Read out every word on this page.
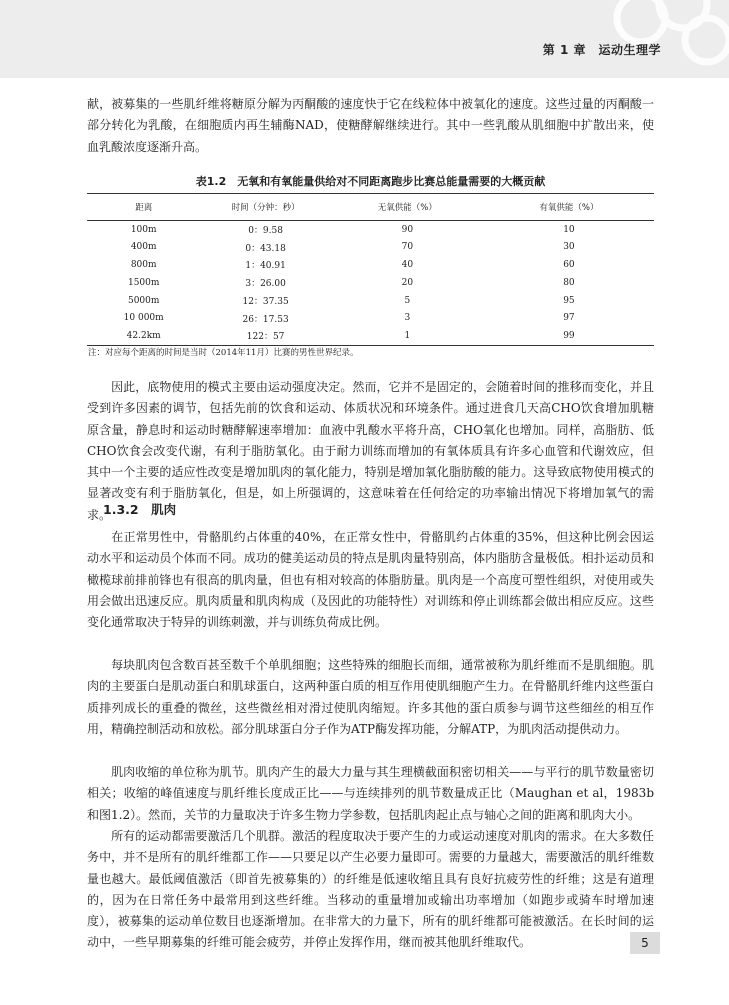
第 1 章　运动生理学

献，被募集的一些肌纤维将糖原分解为丙酮酸的速度快于它在线粒体中被氧化的速度。这些过量的丙酮酸一部分转化为乳酸，在细胞质内再生辅酶NAD，使糖酵解继续进行。其中一些乳酸从肌细胞中扩散出来，使血乳酸浓度逐渐升高。

表1.2　无氧和有氧能量供给对不同距离跑步比赛总能量需要的大概贡献
距离	时间（分钟：秒）	无氧供能（%）	有氧供能（%）
100m	0：9.58	90	10
400m	0：43.18	70	30
800m	1：40.91	40	60
1500m	3：26.00	20	80
5000m	12：37.35	5	95
10 000m	26：17.53	3	97
42.2km	122：57	1	99
注：对应每个距离的时间是当时（2014年11月）比赛的男性世界纪录。

因此，底物使用的模式主要由运动强度决定。然而，它并不是固定的，会随着时间的推移而变化，并且受到许多因素的调节，包括先前的饮食和运动、体质状况和环境条件。通过进食几天高CHO饮食增加肌糖原含量，静息时和运动时糖酵解速率增加：血液中乳酸水平将升高，CHO氧化也增加。同样，高脂肪、低CHO饮食会改变代谢，有利于脂肪氧化。由于耐力训练而增加的有氧体质具有许多心血管和代谢效应，但其中一个主要的适应性改变是增加肌肉的氧化能力，特别是增加氧化脂肪酸的能力。这导致底物使用模式的显著改变有利于脂肪氧化，但是，如上所强调的，这意味着在任何给定的功率输出情况下将增加氧气的需求。

1.3.2　肌肉

在正常男性中，骨骼肌约占体重的40%，在正常女性中，骨骼肌约占体重的35%，但这种比例会因运动水平和运动员个体而不同。成功的健美运动员的特点是肌肉量特别高，体内脂肪含量极低。相扑运动员和橄榄球前排前锋也有很高的肌肉量，但也有相对较高的体脂肪量。肌肉是一个高度可塑性组织，对使用或失用会做出迅速反应。肌肉质量和肌肉构成（及因此的功能特性）对训练和停止训练都会做出相应反应。这些变化通常取决于特异的训练刺激，并与训练负荷成比例。

每块肌肉包含数百甚至数千个单肌细胞；这些特殊的细胞长而细，通常被称为肌纤维而不是肌细胞。肌肉的主要蛋白是肌动蛋白和肌球蛋白，这两种蛋白质的相互作用使肌细胞产生力。在骨骼肌纤维内这些蛋白质排列成长的重叠的微丝，这些微丝相对滑过使肌肉缩短。许多其他的蛋白质参与调节这些细丝的相互作用，精确控制活动和放松。部分肌球蛋白分子作为ATP酶发挥功能，分解ATP，为肌肉活动提供动力。

肌肉收缩的单位称为肌节。肌肉产生的最大力量与其生理横截面积密切相关——与平行的肌节数量密切相关；收缩的峰值速度与肌纤维长度成正比——与连续排列的肌节数量成正比（Maughan et al，1983b和图1.2）。然而，关节的力量取决于许多生物力学参数，包括肌肉起止点与轴心之间的距离和肌肉大小。

所有的运动都需要激活几个肌群。激活的程度取决于要产生的力或运动速度对肌肉的需求。在大多数任务中，并不是所有的肌纤维都工作——只要足以产生必要力量即可。需要的力量越大，需要激活的肌纤维数量也越大。最低阈值激活（即首先被募集的）的纤维是低速收缩且具有良好抗疲劳性的纤维；这是有道理的，因为在日常任务中最常用到这些纤维。当移动的重量增加或输出功率增加（如跑步或骑车时增加速度），被募集的运动单位数目也逐渐增加。在非常大的力量下，所有的肌纤维都可能被激活。在长时间的运动中，一些早期募集的纤维可能会疲劳，并停止发挥作用，继而被其他肌纤维取代。	5
